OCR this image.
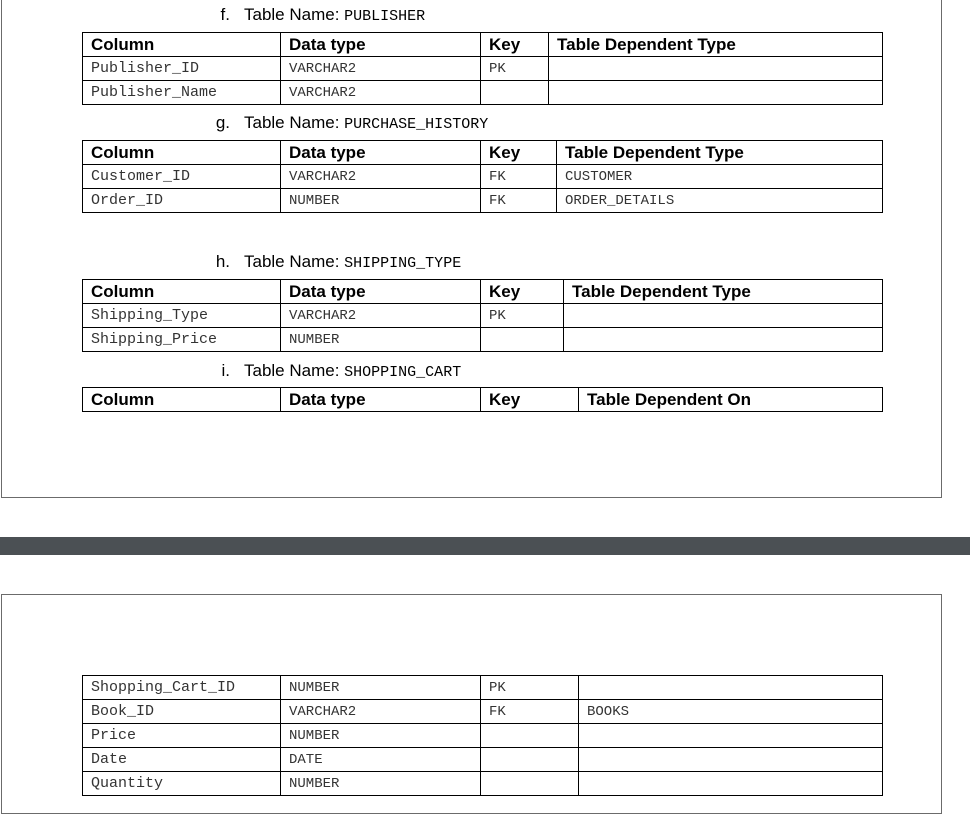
f. Table Name: PUBLISHER
Column	Data type	Key	Table Dependent Type
Publisher_ID	VARCHAR2	PK	
Publisher_Name	VARCHAR2		
g. Table Name: PURCHASE_HISTORY
Column	Data type	Key	Table Dependent Type
Customer_ID	VARCHAR2	FK	CUSTOMER
Order_ID	NUMBER	FK	ORDER_DETAILS
h. Table Name: SHIPPING_TYPE
Column	Data type	Key	Table Dependent Type
Shipping_Type	VARCHAR2	PK	
Shipping_Price	NUMBER		
i. Table Name: SHOPPING_CART
Column	Data type	Key	Table Dependent On
Shopping_Cart_ID	NUMBER	PK	
Book_ID	VARCHAR2	FK	BOOKS
Price	NUMBER		
Date	DATE		
Quantity	NUMBER		
